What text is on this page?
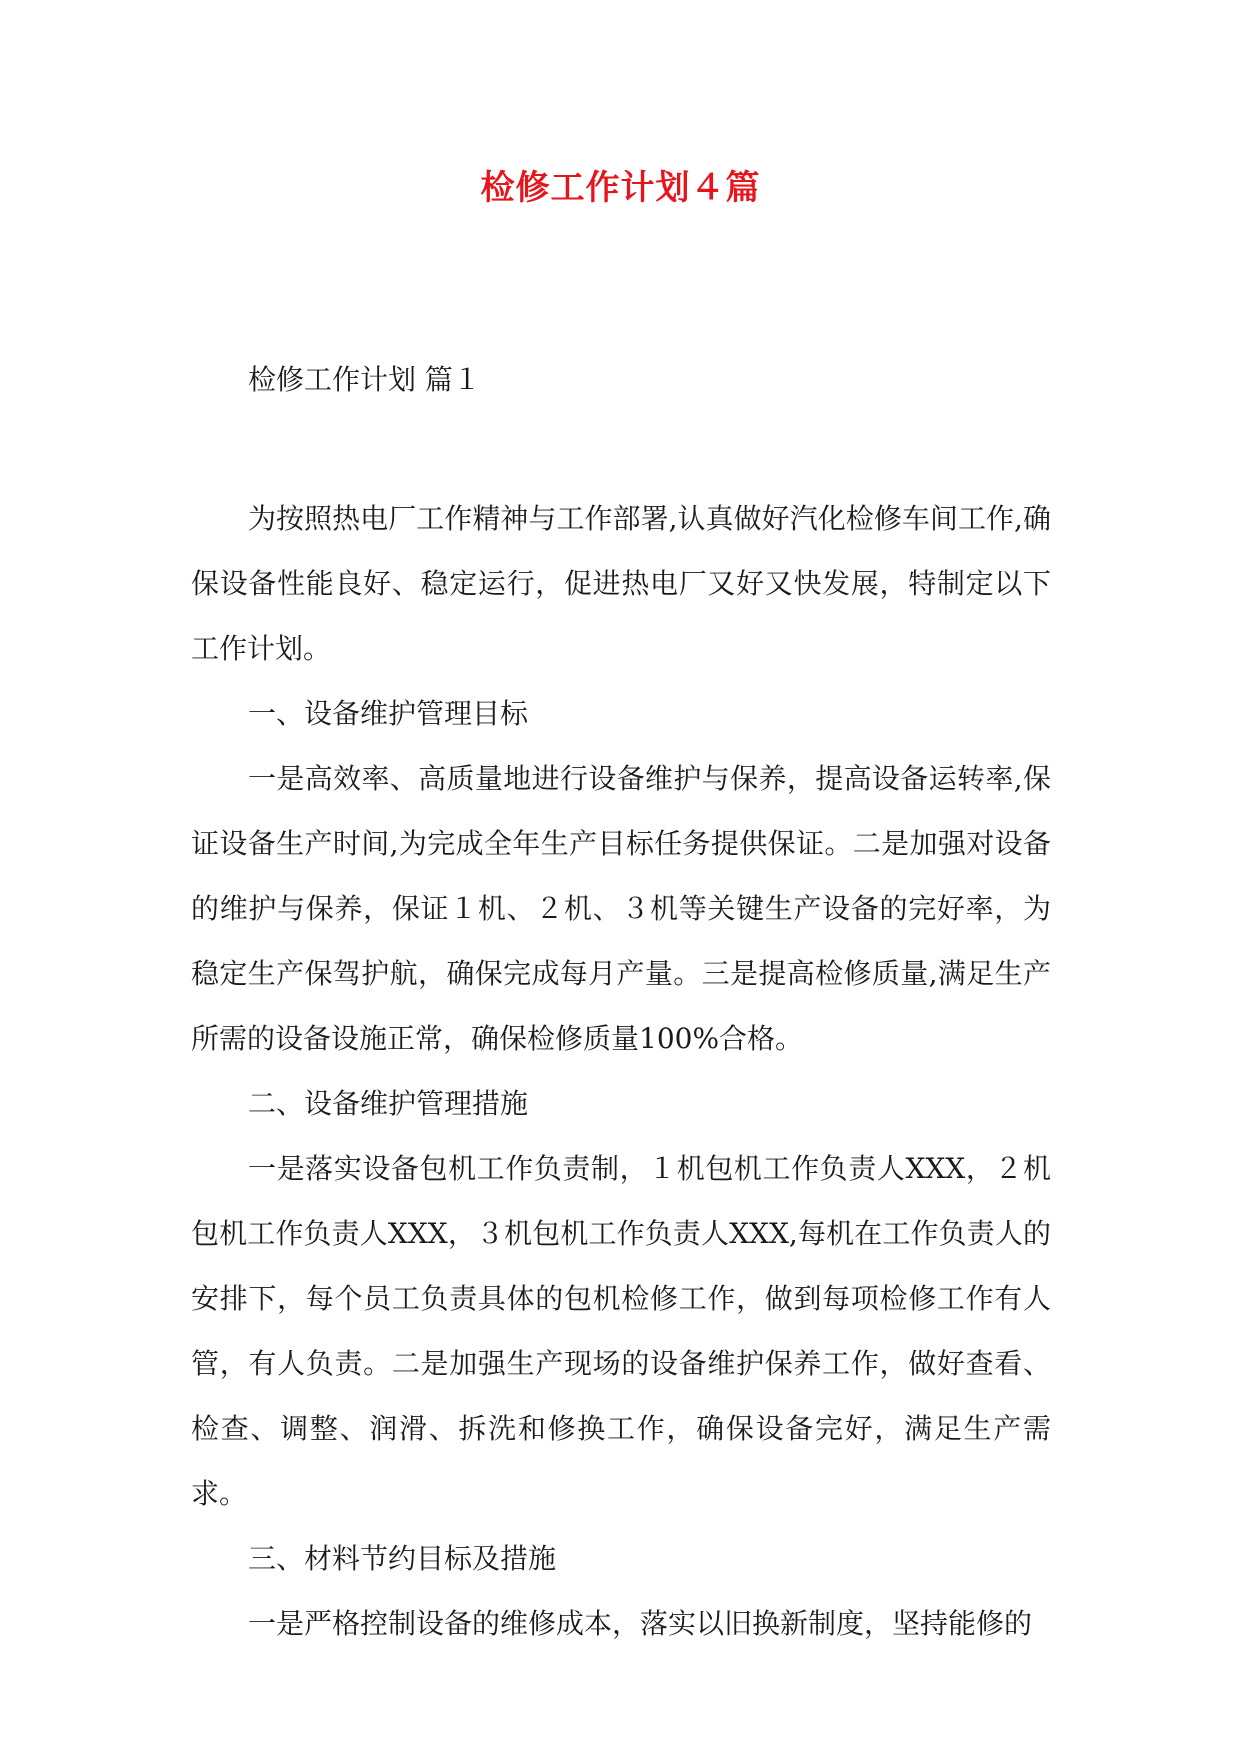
检修工作计划４篇
检修工作计划 篇１

为按照热电厂工作精神与工作部署,认真做好汽化检修车间工作,确保设备性能良好、稳定运行，促进热电厂又好又快发展，特制定以下工作计划。

一、设备维护管理目标

一是高效率、高质量地进行设备维护与保养，提高设备运转率,保证设备生产时间,为完成全年生产目标任务提供保证。二是加强对设备的维护与保养，保证１机、２机、３机等关键生产设备的完好率，为稳定生产保驾护航，确保完成每月产量。三是提高检修质量,满足生产所需的设备设施正常，确保检修质量100%合格。

二、设备维护管理措施

一是落实设备包机工作负责制，１机包机工作负责人XXX，２机包机工作负责人XXX，３机包机工作负责人XXX,每机在工作负责人的安排下，每个员工负责具体的包机检修工作，做到每项检修工作有人管，有人负责。二是加强生产现场的设备维护保养工作，做好查看、检查、调整、润滑、拆洗和修换工作，确保设备完好，满足生产需求。

三、材料节约目标及措施

一是严格控制设备的维修成本，落实以旧换新制度，坚持能修的
